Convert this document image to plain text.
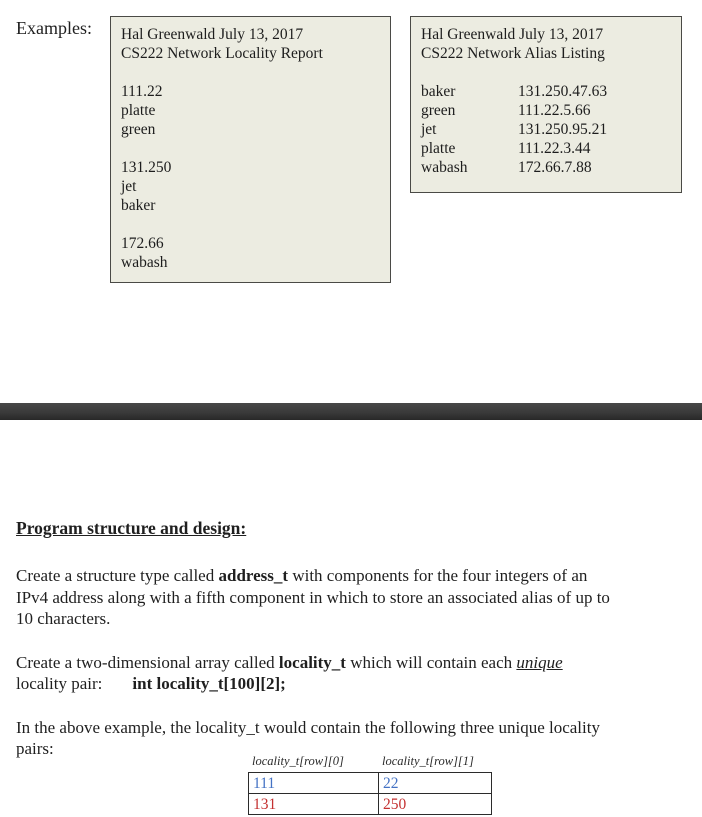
Examples: Hal Greenwald July 13, 2017
CS222 Network Locality Report
111.22
platte
green
131.250
jet
baker
172.66
wabash
Hal Greenwald July 13, 2017
CS222 Network Alias Listing
baker	131.250.47.63
green	111.22.5.66
jet	131.250.95.21
platte	111.22.3.44
wabash	172.66.7.88
Program structure and design:

Create a structure type called address_t with components for the four integers of an IPv4 address along with a fifth component in which to store an associated alias of up to 10 characters.

Create a two-dimensional array called locality_t which will contain each unique locality pair: int locality_t[100][2];

In the above example, the locality_t would contain the following three unique locality pairs:

locality_t[row][0]	locality_t[row][1]
111	22
131	250
